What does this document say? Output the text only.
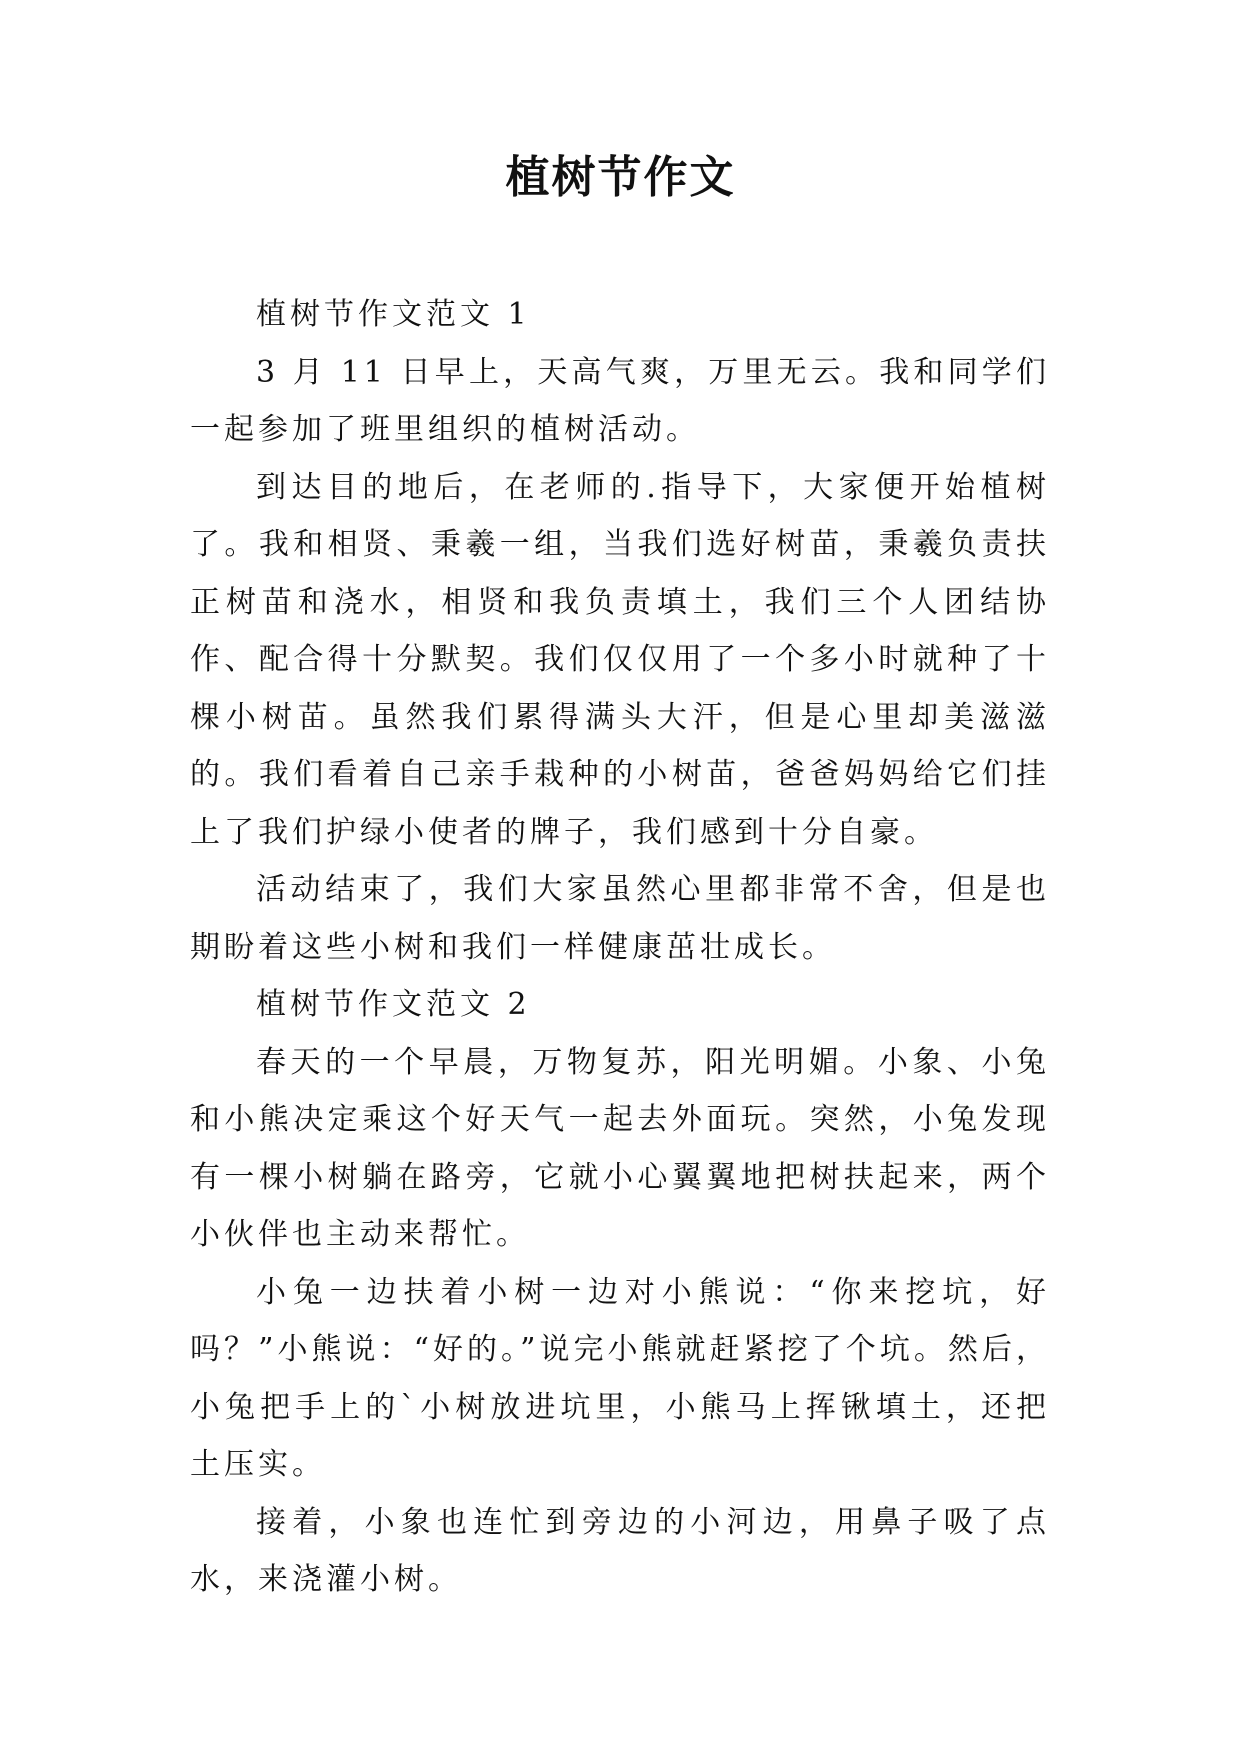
植树节作文

植树节作文范文 1

3 月 11 日早上，天高气爽，万里无云。我和同学们一起参加了班里组织的植树活动。

到达目的地后，在老师的.指导下，大家便开始植树了。我和相贤、秉羲一组，当我们选好树苗，秉羲负责扶正树苗和浇水，相贤和我负责填土，我们三个人团结协作、配合得十分默契。我们仅仅用了一个多小时就种了十棵小树苗。虽然我们累得满头大汗，但是心里却美滋滋的。我们看着自己亲手栽种的小树苗，爸爸妈妈给它们挂上了我们护绿小使者的牌子，我们感到十分自豪。

活动结束了，我们大家虽然心里都非常不舍，但是也期盼着这些小树和我们一样健康茁壮成长。

植树节作文范文 2

春天的一个早晨，万物复苏，阳光明媚。小象、小兔和小熊决定乘这个好天气一起去外面玩。突然，小兔发现有一棵小树躺在路旁，它就小心翼翼地把树扶起来，两个小伙伴也主动来帮忙。

小兔一边扶着小树一边对小熊说：“你来挖坑，好吗？”小熊说：“好的。”说完小熊就赶紧挖了个坑。然后，小兔把手上的`小树放进坑里，小熊马上挥锹填土，还把土压实。

接着，小象也连忙到旁边的小河边，用鼻子吸了点水，来浇灌小树。
